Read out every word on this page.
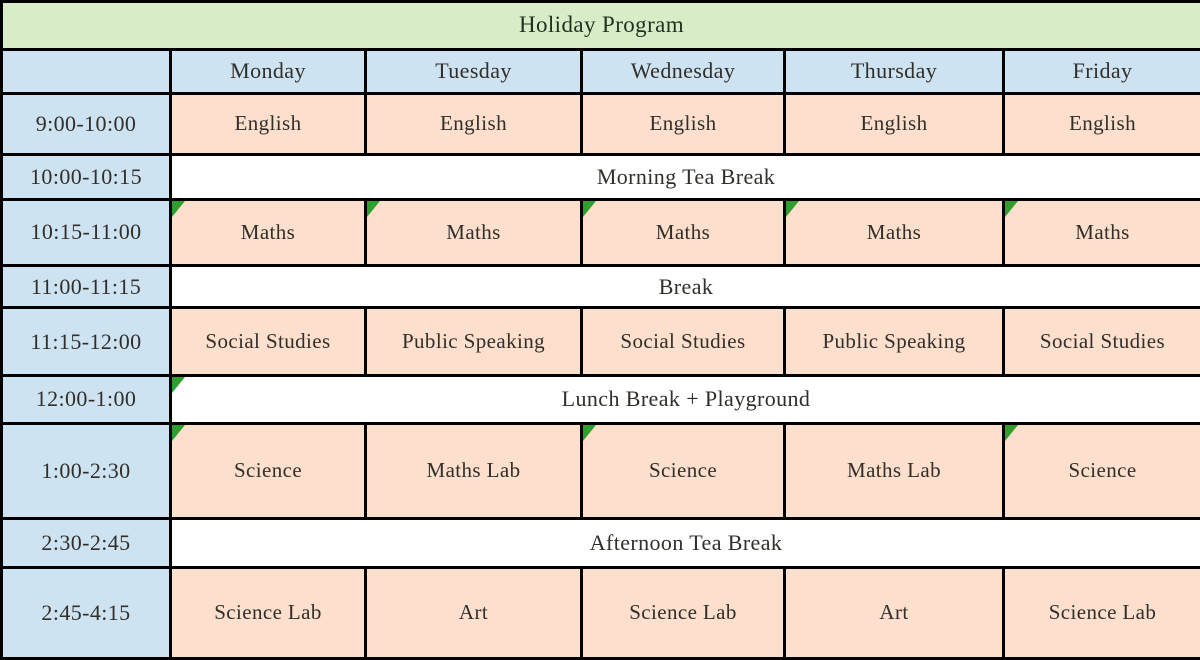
Holiday Program					
	Monday	Tuesday	Wednesday	Thursday	Friday
9:00-10:00	English	English	English	English	English
10:00-10:15	Morning Tea Break				
10:15-11:00	Maths	Maths	Maths	Maths	Maths
11:00-11:15	Break				
11:15-12:00	Social Studies	Public Speaking	Social Studies	Public Speaking	Social Studies
12:00-1:00	Lunch Break + Playground				
1:00-2:30	Science	Maths Lab	Science	Maths Lab	Science
2:30-2:45	Afternoon Tea Break				
2:45-4:15	Science Lab	Art	Science Lab	Art	Science Lab
